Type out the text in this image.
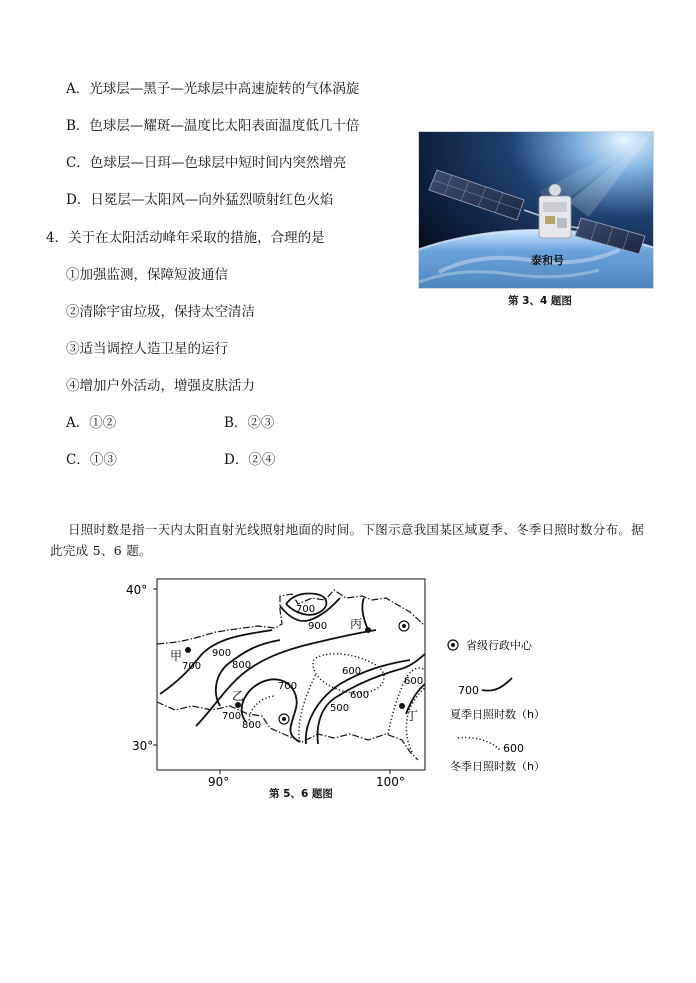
A．光球层—黑子—光球层中高速旋转的气体涡旋
B．色球层—耀斑—温度比太阳表面温度低几十倍
C．色球层—日珥—色球层中短时间内突然增亮
D．日冕层—太阳风—向外猛烈喷射红色火焰
4．关于在太阳活动峰年采取的措施，合理的是
①加强监测，保障短波通信
②清除宇宙垃圾，保持太空清洁
③适当调控人造卫星的运行
④增加户外活动，增强皮肤活力
A．①②	B．②③
C．①③	D．②④
泰和号
第 3、4 题图
日照时数是指一天内太阳直射光线照射地面的时间。下图示意我国某区域夏季、冬季日照时数分布。据此完成 5、6 题。
40°
30°
90°	100°
700
900
700
900
800
700
700
800
600
600
500
600
甲
乙
丙
丁
省级行政中心
700
夏季日照时数（h）
600
冬季日照时数（h）
第 5、6 题图
